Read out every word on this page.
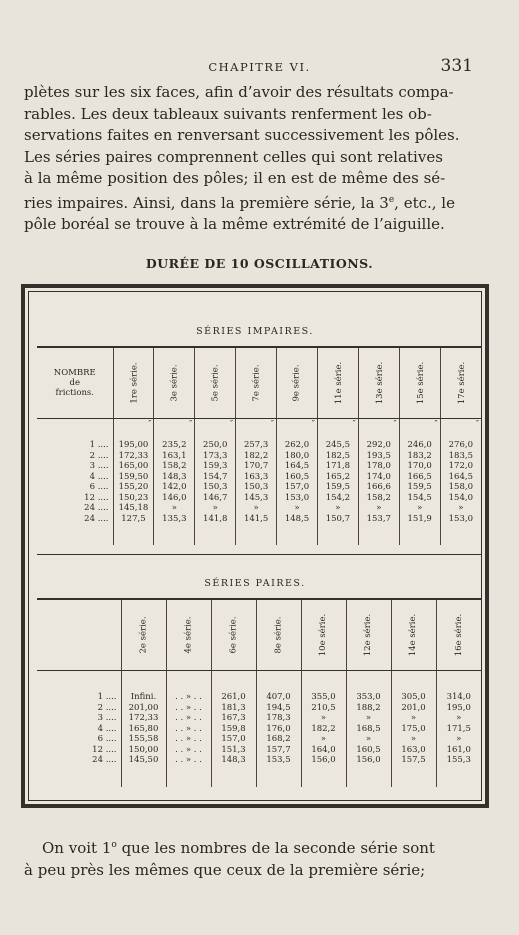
CHAPITRE VI.	331
plètes sur les six faces, afin d’avoir des résultats compa-
rables. Les deux tableaux suivants renferment les ob-
servations faites en renversant successivement les pôles.
Les séries paires comprennent celles qui sont relatives
à la même position des pôles; il en est de même des sé-
ries impaires. Ainsi, dans la première série, la 3e, etc., le
pôle boréal se trouve à la même extrémité de l’aiguille.
DURÉE DE 10 OSCILLATIONS.
SÉRIES IMPAIRES.
NOMBRE
de
frictions.	1re série.	3e série.	5e série.	7e série.	9e série.	11e série.	13e série.	15e série.	17e série.
	″	″	″	″	″	″	″	″	″

1 ....	195,00	235,2	250,0	257,3	262,0	245,5	292,0	246,0	276,0
2 ....	172,33	163,1	173,3	182,2	180,0	182,5	193,5	183,2	183,5
3 ....	165,00	158,2	159,3	170,7	164,5	171,8	178,0	170,0	172,0
4 ....	159,50	148,3	154,7	163,3	160,5	165,2	174,0	166,5	164,5
6 ....	155,20	142,0	150,3	150,3	157,0	159,5	166,6	159,5	158,0
12 ....	150,23	146,0	146,7	145,3	153,0	154,2	158,2	154,5	154,0
24 ....	145,18	»	»	»	»	»	»	»	»
24 ....	127,5	135,3	141,8	141,5	148,5	150,7	153,7	151,9	153,0

SÉRIES PAIRES.
	2e série.	4e série.	6e série.	8e série.	10e série.	12e série.	14e série.	16e série.

1 ....	Infini.	. . » . .	261,0	407,0	355,0	353,0	305,0	314,0
2 ....	201,00	. . » . .	181,3	194,5	210,5	188,2	201,0	195,0
3 ....	172,33	. . » . .	167,3	178,3	»	»	»	»
4 ....	165,80	. . » . .	159,8	176,0	182,2	168,5	175,0	171,5
6 ....	155,58	. . » . .	157,0	168,2	»	»	»	»
12 ....	150,00	. . » . .	151,3	157,7	164,0	160,5	163,0	161,0
24 ....	145,50	. . » . .	148,3	153,5	156,0	156,0	157,5	155,3

On voit 1$^o$ que les nombres de la seconde série sont
à peu près les mêmes que ceux de la première série;
